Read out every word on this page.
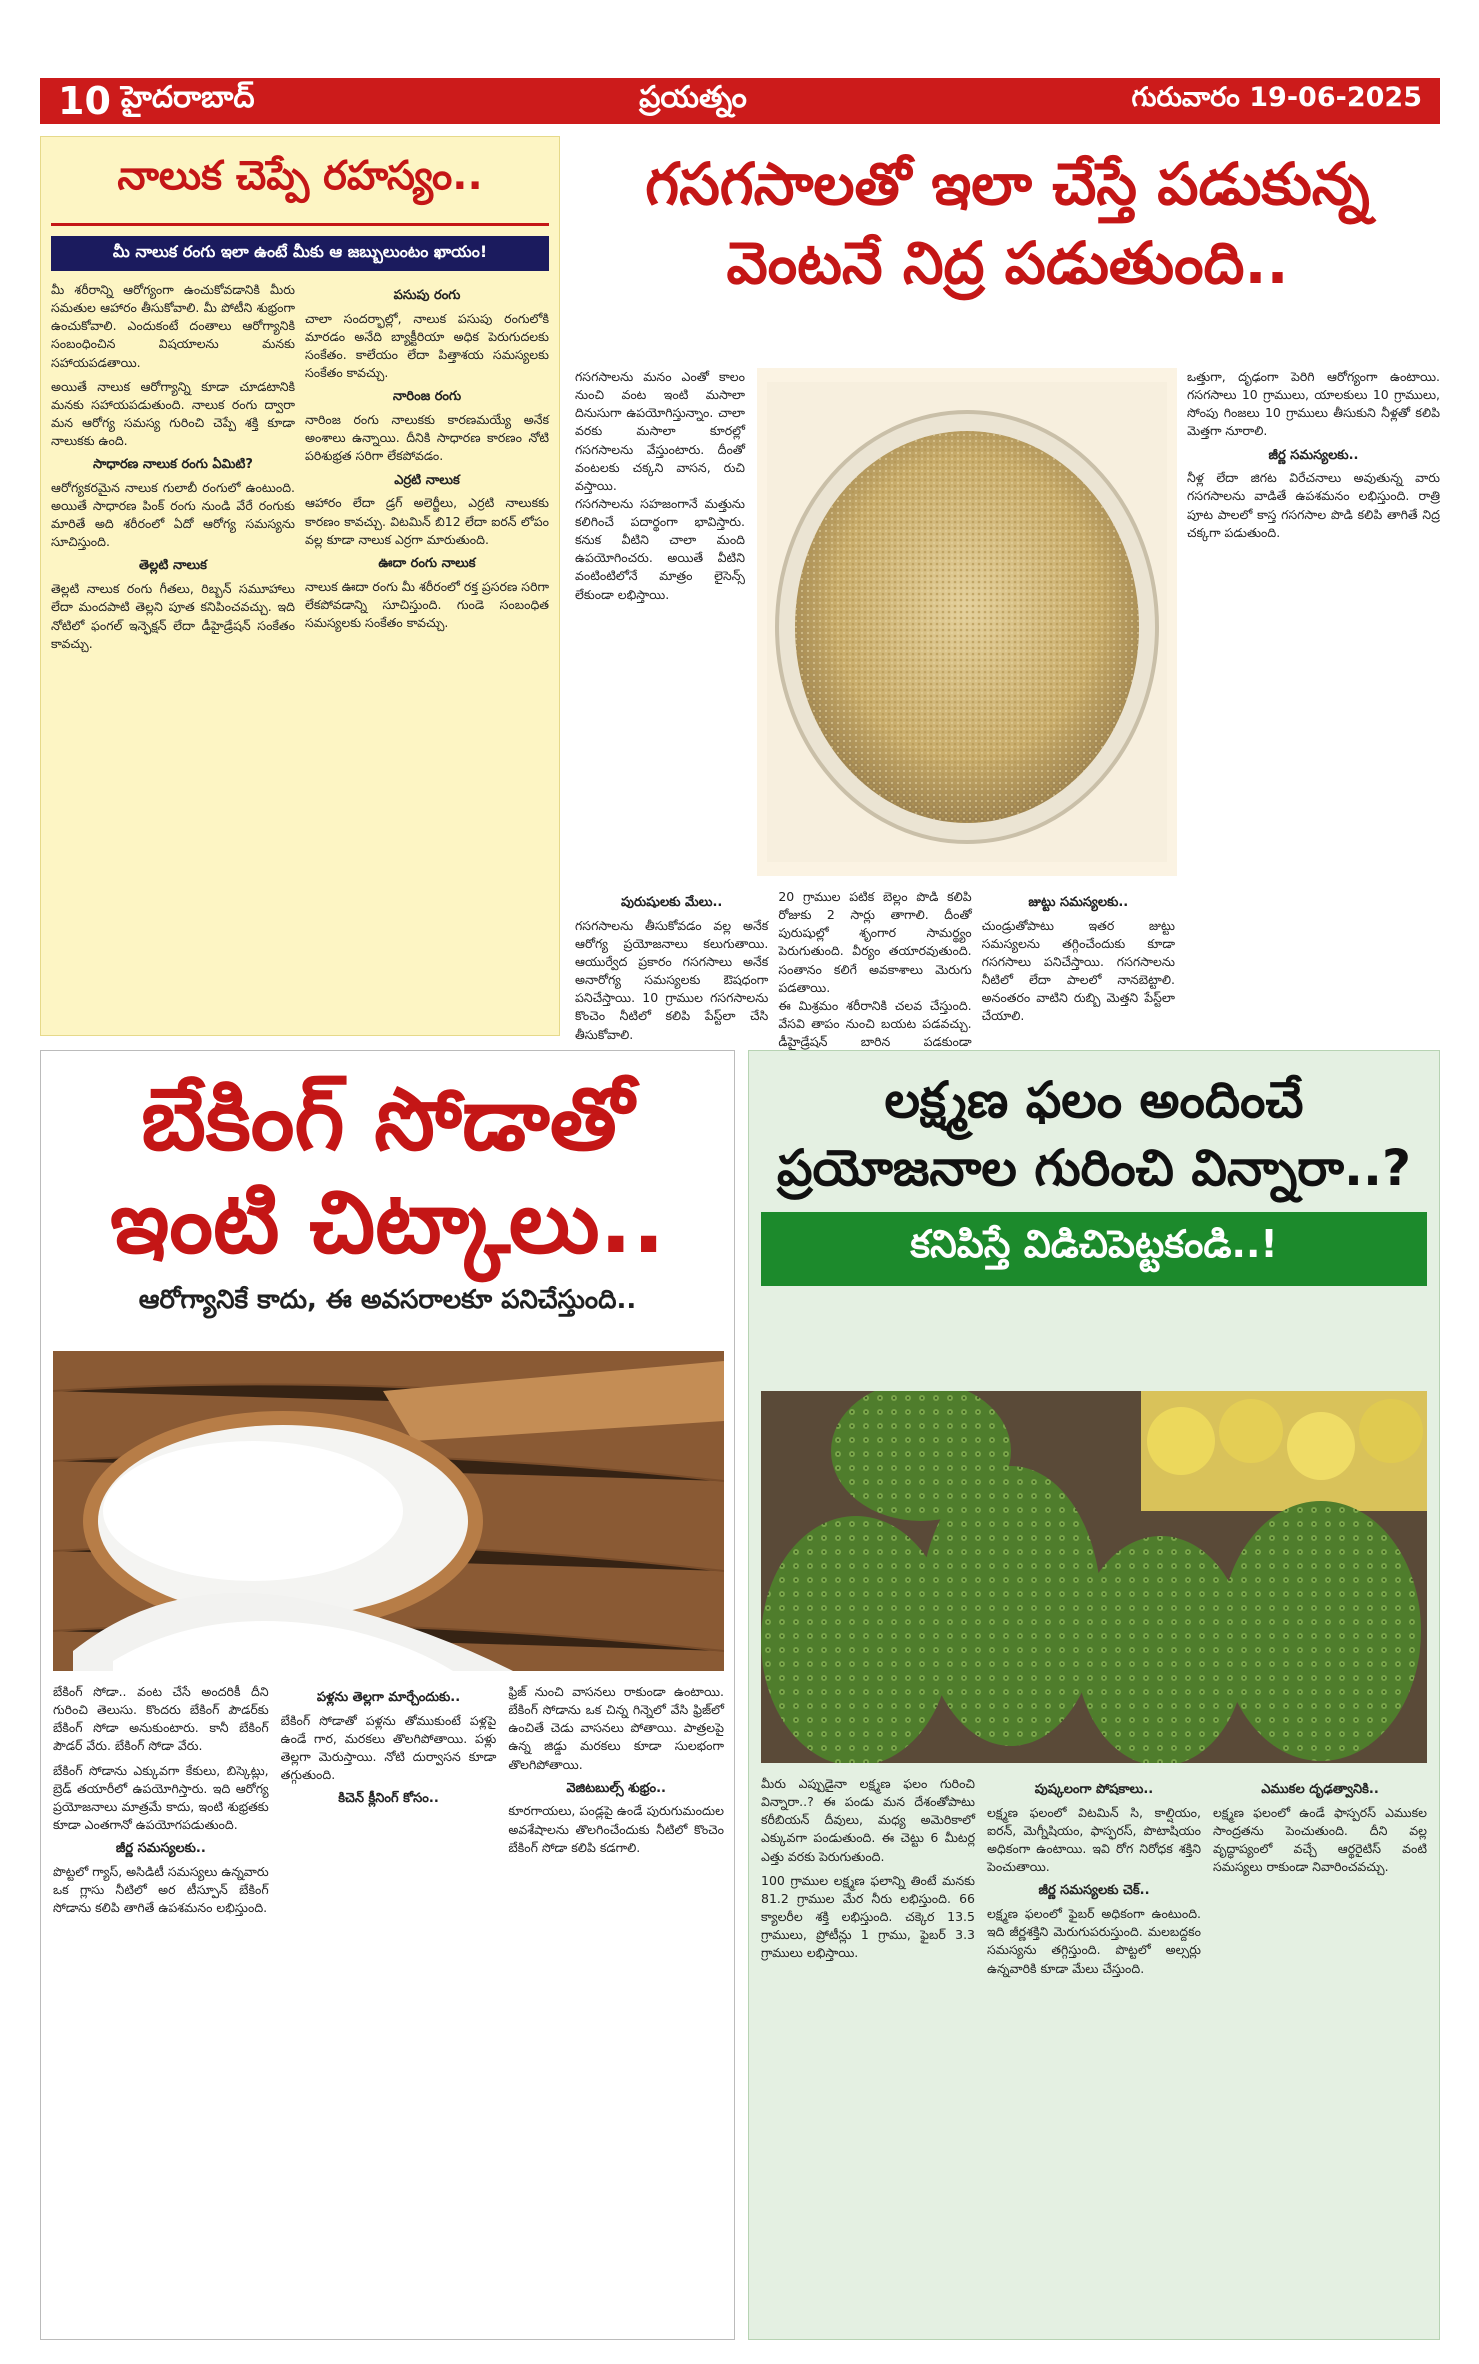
10 హైదరాబాద్	ప్రయత్నం	గురువారం 19-06-2025
నాలుక చెప్పే రహస్యం..
మీ నాలుక రంగు ఇలా ఉంటే మీకు ఆ జబ్బులుంటం ఖాయం!

మీ శరీరాన్ని ఆరోగ్యంగా ఉంచుకోవడానికి మీరు సమతుల ఆహారం తీసుకోవాలి. మీ పోటీని శుభ్రంగా ఉంచుకోవాలి. ఎందుకంటే దంతాలు ఆరోగ్యానికి సంబంధించిన విషయాలను మనకు సహాయపడతాయి.

అయితే నాలుక ఆరోగ్యాన్ని కూడా చూడటానికి మనకు సహాయపడుతుంది. నాలుక రంగు ద్వారా మన ఆరోగ్య సమస్య గురించి చెప్పే శక్తి కూడా నాలుకకు ఉంది.

సాధారణ నాలుక రంగు ఏమిటి?

ఆరోగ్యకరమైన నాలుక గులాబీ రంగులో ఉంటుంది. అయితే సాధారణ పింక్ రంగు నుండి వేరే రంగుకు మారితే అది శరీరంలో ఏదో ఆరోగ్య సమస్యను సూచిస్తుంది.

తెల్లటి నాలుక

తెల్లటి నాలుక రంగు గీతలు, రిబ్బన్ సమూహాలు లేదా మందపాటి తెల్లని పూత కనిపించవచ్చు. ఇది నోటిలో ఫంగల్ ఇన్ఫెక్షన్ లేదా డీహైడ్రేషన్ సంకేతం కావచ్చు.

పసుపు రంగు

చాలా సందర్భాల్లో, నాలుక పసుపు రంగులోకి మారడం అనేది బ్యాక్టీరియా అధిక పెరుగుదలకు సంకేతం. కాలేయం లేదా పిత్తాశయ సమస్యలకు సంకేతం కావచ్చు.

నారింజ రంగు

నారింజ రంగు నాలుకకు కారణమయ్యే అనేక అంశాలు ఉన్నాయి. దీనికి సాధారణ కారణం నోటి పరిశుభ్రత సరిగా లేకపోవడం.

ఎర్రటి నాలుక

ఆహారం లేదా డ్రగ్ అలెర్జీలు, ఎర్రటి నాలుకకు కారణం కావచ్చు. విటమిన్ బి12 లేదా ఐరన్ లోపం వల్ల కూడా నాలుక ఎర్రగా మారుతుంది.

ఊదా రంగు నాలుక

నాలుక ఊదా రంగు మీ శరీరంలో రక్త ప్రసరణ సరిగా లేకపోవడాన్ని సూచిస్తుంది. గుండె సంబంధిత సమస్యలకు సంకేతం కావచ్చు.

గసగసాలతో ఇలా చేస్తే పడుకున్న
వెంటనే నిద్ర పడుతుంది..

గసగసాలను మనం ఎంతో కాలం నుంచి వంట ఇంటి మసాలా దినుసుగా ఉపయోగిస్తున్నాం. చాలా వరకు మసాలా కూరల్లో గసగసాలను వేస్తుంటారు. దీంతో వంటలకు చక్కని వాసన, రుచి వస్తాయి.

గసగసాలను సహజంగానే మత్తును కలిగించే పదార్థంగా భావిస్తారు. కనుక వీటిని చాలా మంది ఉపయోగించరు. అయితే వీటిని వంటింటిలోనే మాత్రం లైసెన్స్ లేకుండా లభిస్తాయి.

పురుషులకు మేలు..

గసగసాలను తీసుకోవడం వల్ల అనేక ఆరోగ్య ప్రయోజనాలు కలుగుతాయి. ఆయుర్వేద ప్రకారం గసగసాలు అనేక అనారోగ్య సమస్యలకు ఔషధంగా పనిచేస్తాయి. 10 గ్రాముల గసగసాలను కొంచెం నీటిలో కలిపి పేస్ట్‌లా చేసి తీసుకోవాలి.

20 గ్రాముల పటిక బెల్లం పొడి కలిపి రోజుకు 2 సార్లు తాగాలి. దీంతో పురుషుల్లో శృంగార సామర్థ్యం పెరుగుతుంది. వీర్యం తయారవుతుంది. సంతానం కలిగే అవకాశాలు మెరుగు పడతాయి.

ఈ మిశ్రమం శరీరానికి చలవ చేస్తుంది. వేసవి తాపం నుంచి బయట పడవచ్చు. డీహైడ్రేషన్ బారిన పడకుండా

జుట్టు సమస్యలకు..

చుండ్రుతోపాటు ఇతర జుట్టు సమస్యలను తగ్గించేందుకు కూడా గసగసాలు పనిచేస్తాయి. గసగసాలను నీటిలో లేదా పాలలో నానబెట్టాలి. అనంతరం వాటిని రుబ్బి మెత్తని పేస్ట్‌లా చేయాలి.

ఒత్తుగా, దృఢంగా పెరిగి ఆరోగ్యంగా ఉంటాయి. గసగసాలు 10 గ్రాములు, యాలకులు 10 గ్రాములు, సోంపు గింజలు 10 గ్రాములు తీసుకుని నీళ్లతో కలిపి మెత్తగా నూరాలి.

జీర్ణ సమస్యలకు..

నీళ్ల లేదా జిగట విరేచనాలు అవుతున్న వారు గసగసాలను వాడితే ఉపశమనం లభిస్తుంది. రాత్రి పూట పాలలో కాస్త గసగసాల పొడి కలిపి తాగితే నిద్ర చక్కగా పడుతుంది.

బేకింగ్ సోడాతో
ఇంటి చిట్కాలు..
ఆరోగ్యానికే కాదు, ఈ అవసరాలకూ పనిచేస్తుంది..

బేకింగ్ సోడా.. వంట చేసే అందరికీ దీని గురించి తెలుసు. కొందరు బేకింగ్ పౌడర్‌కు బేకింగ్ సోడా అనుకుంటారు. కానీ బేకింగ్ పౌడర్ వేరు. బేకింగ్ సోడా వేరు.

బేకింగ్ సోడాను ఎక్కువగా కేకులు, బిస్కెట్లు, బ్రెడ్ తయారీలో ఉపయోగిస్తారు. ఇది ఆరోగ్య ప్రయోజనాలు మాత్రమే కాదు, ఇంటి శుభ్రతకు కూడా ఎంతగానో ఉపయోగపడుతుంది.

జీర్ణ సమస్యలకు..

పొట్టలో గ్యాస్, అసిడిటీ సమస్యలు ఉన్నవారు ఒక గ్లాసు నీటిలో అర టీస్పూన్ బేకింగ్ సోడాను కలిపి తాగితే ఉపశమనం లభిస్తుంది.

పళ్లను తెల్లగా మార్చేందుకు..

బేకింగ్ సోడాతో పళ్లను తోముకుంటే పళ్లపై ఉండే గార, మరకలు తొలగిపోతాయి. పళ్లు తెల్లగా మెరుస్తాయి. నోటి దుర్వాసన కూడా తగ్గుతుంది.

కిచెన్ క్లీనింగ్‌ కోసం..

ఫ్రిజ్ నుంచి వాసనలు రాకుండా ఉంటాయి. బేకింగ్ సోడాను ఒక చిన్న గిన్నెలో వేసి ఫ్రిజ్‌లో ఉంచితే చెడు వాసనలు పోతాయి. పాత్రలపై ఉన్న జిడ్డు మరకలు కూడా సులభంగా తొలగిపోతాయి.

వెజిటబుల్స్ శుభ్రం..

కూరగాయలు, పండ్లపై ఉండే పురుగుమందుల అవశేషాలను తొలగించేందుకు నీటిలో కొంచెం బేకింగ్ సోడా కలిపి కడగాలి.

లక్ష్మణ ఫలం అందించే
ప్రయోజనాల గురించి విన్నారా..?
కనిపిస్తే విడిచిపెట్టకండి..!

మీరు ఎప్పుడైనా లక్ష్మణ ఫలం గురించి విన్నారా..? ఈ పండు మన దేశంతోపాటు కరీబియన్ దీవులు, మధ్య అమెరికాలో ఎక్కువగా పండుతుంది. ఈ చెట్టు 6 మీటర్ల ఎత్తు వరకు పెరుగుతుంది.

100 గ్రాముల లక్ష్మణ ఫలాన్ని తింటే మనకు 81.2 గ్రాముల మేర నీరు లభిస్తుంది. 66 క్యాలరీల శక్తి లభిస్తుంది. చక్కెర 13.5 గ్రాములు, ప్రోటీన్లు 1 గ్రాము, ఫైబర్ 3.3 గ్రాములు లభిస్తాయి.

పుష్కలంగా పోషకాలు..

లక్ష్మణ ఫలంలో విటమిన్ సి, కాల్షియం, ఐరన్, మెగ్నీషియం, ఫాస్ఫరస్, పొటాషియం అధికంగా ఉంటాయి. ఇవి రోగ నిరోధక శక్తిని పెంచుతాయి.

జీర్ణ సమస్యలకు చెక్..

లక్ష్మణ ఫలంలో ఫైబర్ అధికంగా ఉంటుంది. ఇది జీర్ణశక్తిని మెరుగుపరుస్తుంది. మలబద్దకం సమస్యను తగ్గిస్తుంది. పొట్టలో అల్సర్లు ఉన్నవారికి కూడా మేలు చేస్తుంది.

ఎముకల దృఢత్వానికి..

లక్ష్మణ ఫలంలో ఉండే ఫాస్పరస్ ఎముకల సాంద్రతను పెంచుతుంది. దీని వల్ల వృద్ధాప్యంలో వచ్చే ఆర్థరైటిస్ వంటి సమస్యలు రాకుండా నివారించవచ్చు.
